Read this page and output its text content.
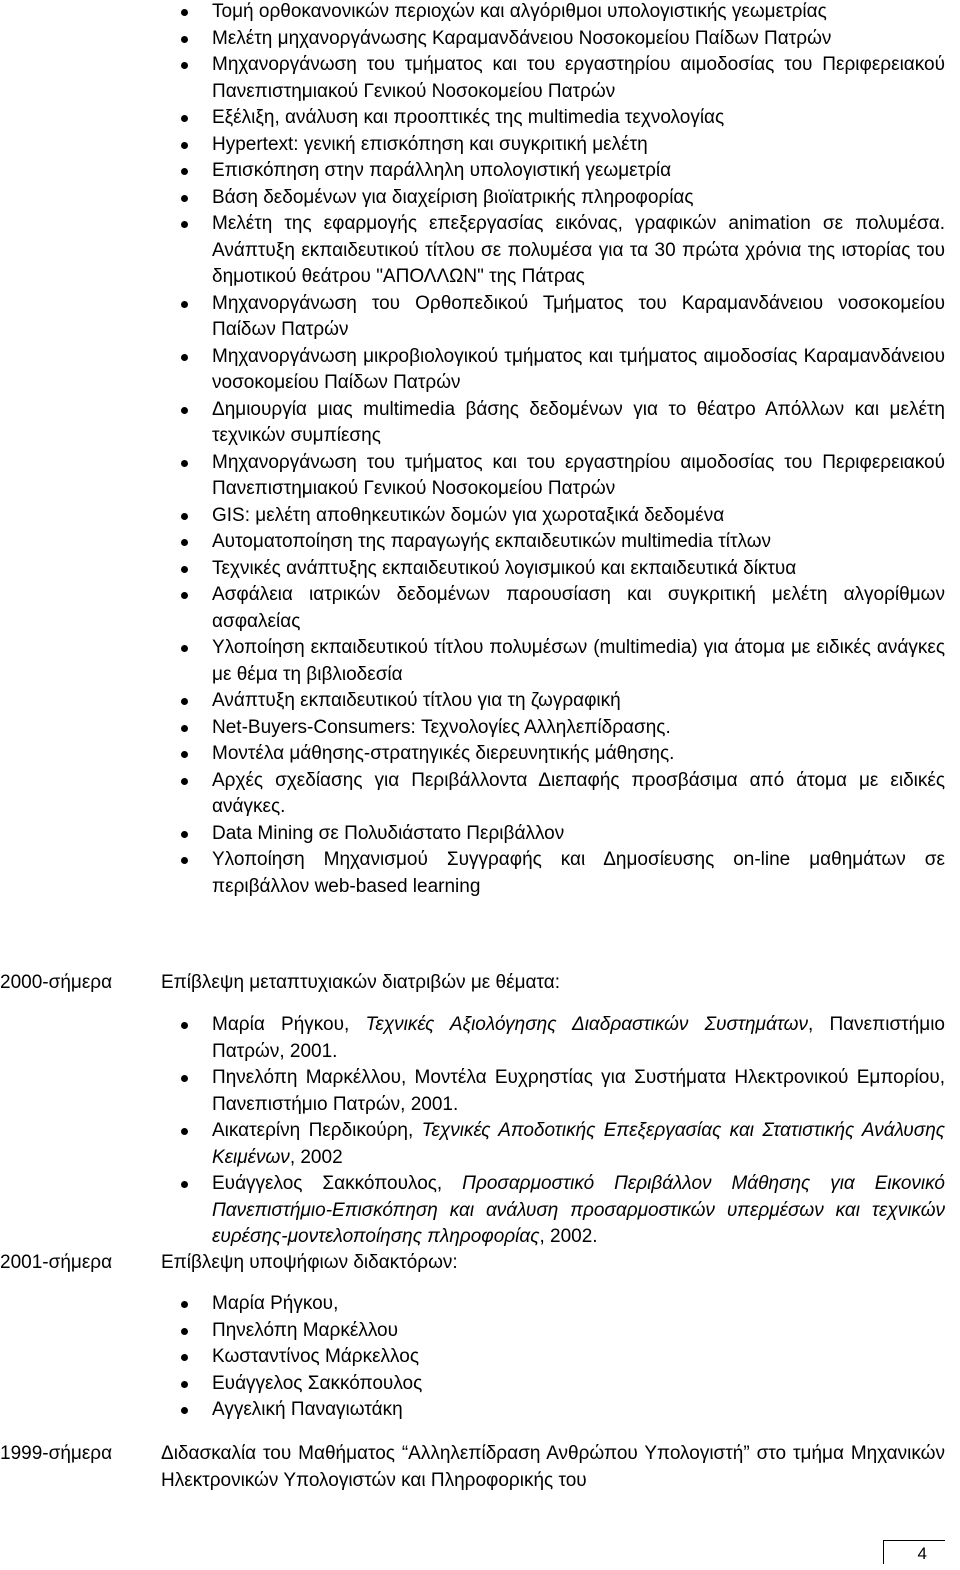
Τομή ορθοκανονικών περιοχών και αλγόριθμοι υπολογιστικής γεωμετρίας
Μελέτη μηχανοργάνωσης Καραμανδάνειου Νοσοκομείου Παίδων Πατρών
Μηχανοργάνωση του τμήματος και του εργαστηρίου αιμοδοσίας του Περιφερειακού Πανεπιστημιακού Γενικού Νοσοκομείου Πατρών
Εξέλιξη, ανάλυση και προοπτικές της multimedia τεχνολογίας
Hypertext: γενική επισκόπηση και συγκριτική μελέτη
Επισκόπηση στην παράλληλη υπολογιστική γεωμετρία
Βάση δεδομένων για διαχείριση βιοϊατρικής πληροφορίας
Μελέτη της εφαρμογής επεξεργασίας εικόνας, γραφικών animation σε πολυμέσα. Ανάπτυξη εκπαιδευτικού τίτλου σε πολυμέσα για τα 30 πρώτα χρόνια της ιστορίας του δημοτικού θεάτρου "ΑΠΟΛΛΩΝ" της Πάτρας
Μηχανοργάνωση του Ορθοπεδικού Τμήματος του Καραμανδάνειου νοσοκομείου Παίδων Πατρών
Μηχανοργάνωση μικροβιολογικού τμήματος και τμήματος αιμοδοσίας Καραμανδάνειου νοσοκομείου Παίδων Πατρών
Δημιουργία μιας multimedia βάσης δεδομένων για το θέατρο Απόλλων και μελέτη τεχνικών συμπίεσης
Μηχανοργάνωση του τμήματος και του εργαστηρίου αιμοδοσίας του Περιφερειακού Πανεπιστημιακού Γενικού Νοσοκομείου Πατρών
GIS: μελέτη αποθηκευτικών δομών για χωροταξικά δεδομένα
Αυτοματοποίηση της παραγωγής εκπαιδευτικών multimedia τίτλων
Τεχνικές ανάπτυξης εκπαιδευτικού λογισμικού και εκπαιδευτικά δίκτυα
Ασφάλεια ιατρικών δεδομένων παρουσίαση και συγκριτική μελέτη αλγορίθμων ασφαλείας
Υλοποίηση εκπαιδευτικού τίτλου πολυμέσων (multimedia) για άτομα με ειδικές ανάγκες με θέμα τη βιβλιοδεσία
Ανάπτυξη εκπαιδευτικού τίτλου για τη ζωγραφική
Net-Buyers-Consumers: Τεχνολογίες Αλληλεπίδρασης.
Μοντέλα μάθησης-στρατηγικές διερευνητικής μάθησης.
Αρχές σχεδίασης για Περιβάλλοντα Διεπαφής προσβάσιμα από άτομα με ειδικές ανάγκες.
Data Mining σε Πολυδιάστατο Περιβάλλον
Υλοποίηση Μηχανισμού Συγγραφής και Δημοσίευσης on-line μαθημάτων σε περιβάλλον web-based learning
2000-σήμερα	Επίβλεψη μεταπτυχιακών διατριβών με θέματα:
Μαρία Ρήγκου, Τεχνικές Αξιολόγησης Διαδραστικών Συστημάτων, Πανεπιστήμιο Πατρών, 2001.
Πηνελόπη Μαρκέλλου, Μοντέλα Ευχρηστίας για Συστήματα Ηλεκτρονικού Εμπορίου, Πανεπιστήμιο Πατρών, 2001.
Αικατερίνη Περδικούρη, Τεχνικές Αποδοτικής Επεξεργασίας και Στατιστικής Ανάλυσης Κειμένων, 2002
Ευάγγελος Σακκόπουλος, Προσαρμοστικό Περιβάλλον Μάθησης για Εικονικό Πανεπιστήμιο-Επισκόπηση και ανάλυση προσαρμοστικών υπερμέσων και τεχνικών ευρέσης-μοντελοποίησης πληροφορίας, 2002.
2001-σήμερα	Επίβλεψη υποψήφιων διδακτόρων:
Μαρία Ρήγκου,
Πηνελόπη Μαρκέλλου
Κωσταντίνος Μάρκελλος
Ευάγγελος Σακκόπουλος
Αγγελική Παναγιωτάκη
1999-σήμερα	Διδασκαλία του Μαθήματος “Αλληλεπίδραση Ανθρώπου Υπολογιστή” στο τμήμα Μηχανικών Ηλεκτρονικών Υπολογιστών και Πληροφορικής του
4
